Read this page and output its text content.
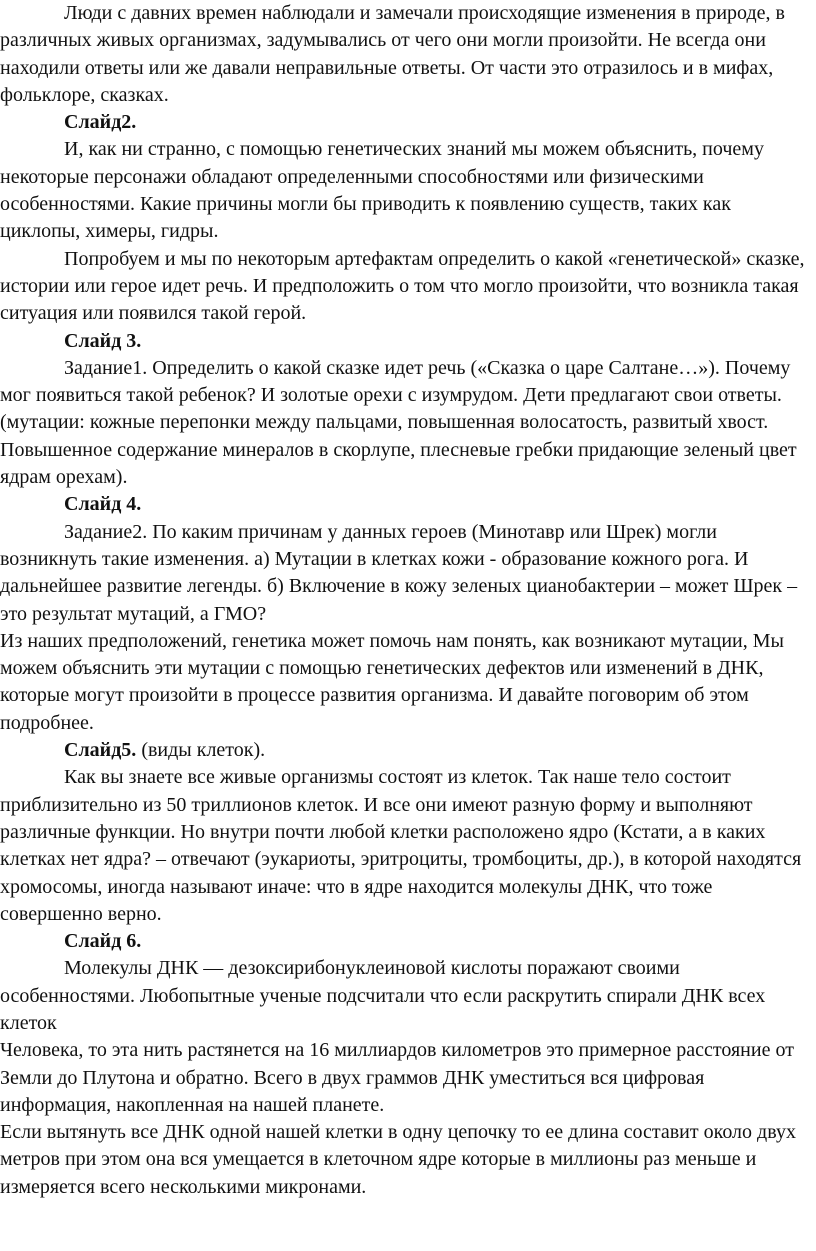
Люди с давних времен наблюдали и замечали происходящие изменения в природе, в различных живых организмах, задумывались от чего они могли произойти. Не всегда они находили ответы или же давали неправильные ответы. От части это отразилось и в мифах, фольклоре, сказках.

Слайд2.

И, как ни странно, с помощью генетических знаний мы можем объяснить, почему некоторые персонажи обладают определенными способностями или физическими особенностями. Какие причины могли бы приводить к появлению существ, таких как циклопы, химеры, гидры.

Попробуем и мы по некоторым артефактам определить о какой «генетической» сказке, истории или герое идет речь. И предположить о том что могло произойти, что возникла такая ситуация или появился такой герой.

Слайд 3.

Задание1. Определить о какой сказке идет речь («Сказка о царе Салтане…»). Почему мог появиться такой ребенок? И золотые орехи с изумрудом. Дети предлагают свои ответы. (мутации: кожные перепонки между пальцами, повышенная волосатость, развитый хвост. Повышенное содержание минералов в скорлупе, плесневые гребки придающие зеленый цвет ядрам орехам).

Слайд 4.

Задание2. По каким причинам у данных героев (Минотавр или Шрек) могли возникнуть такие изменения. а) Мутации в клетках кожи - образование кожного рога. И дальнейшее развитие легенды. б) Включение в кожу зеленых цианобактерии – может Шрек – это результат мутаций, а ГМО?

Из наших предположений, генетика может помочь нам понять, как возникают мутации, Мы можем объяснить эти мутации с помощью генетических дефектов или изменений в ДНК, которые могут произойти в процессе развития организма. И давайте поговорим об этом подробнее.

Слайд5. (виды клеток).

Как вы знаете все живые организмы состоят из клеток. Так наше тело состоит приблизительно из 50 триллионов клеток. И все они имеют разную форму и выполняют различные функции. Но внутри почти любой клетки расположено ядро (Кстати, а в каких клетках нет ядра? – отвечают (эукариоты, эритроциты, тромбоциты, др.), в которой находятся хромосомы, иногда называют иначе: что в ядре находится молекулы ДНК, что тоже совершенно верно.

Слайд 6.

Молекулы ДНК — дезоксирибонуклеиновой кислоты поражают своими особенностями. Любопытные ученые подсчитали что если раскрутить спирали ДНК всех клеток

Человека, то эта нить растянется на 16 миллиардов километров это примерное расстояние от Земли до Плутона и обратно. Всего в двух граммов ДНК уместиться вся цифровая информация, накопленная на нашей планете.

Если вытянуть все ДНК одной нашей клетки в одну цепочку то ее длина составит около двух метров при этом она вся умещается в клеточном ядре которые в миллионы раз меньше и измеряется всего несколькими микронами.
